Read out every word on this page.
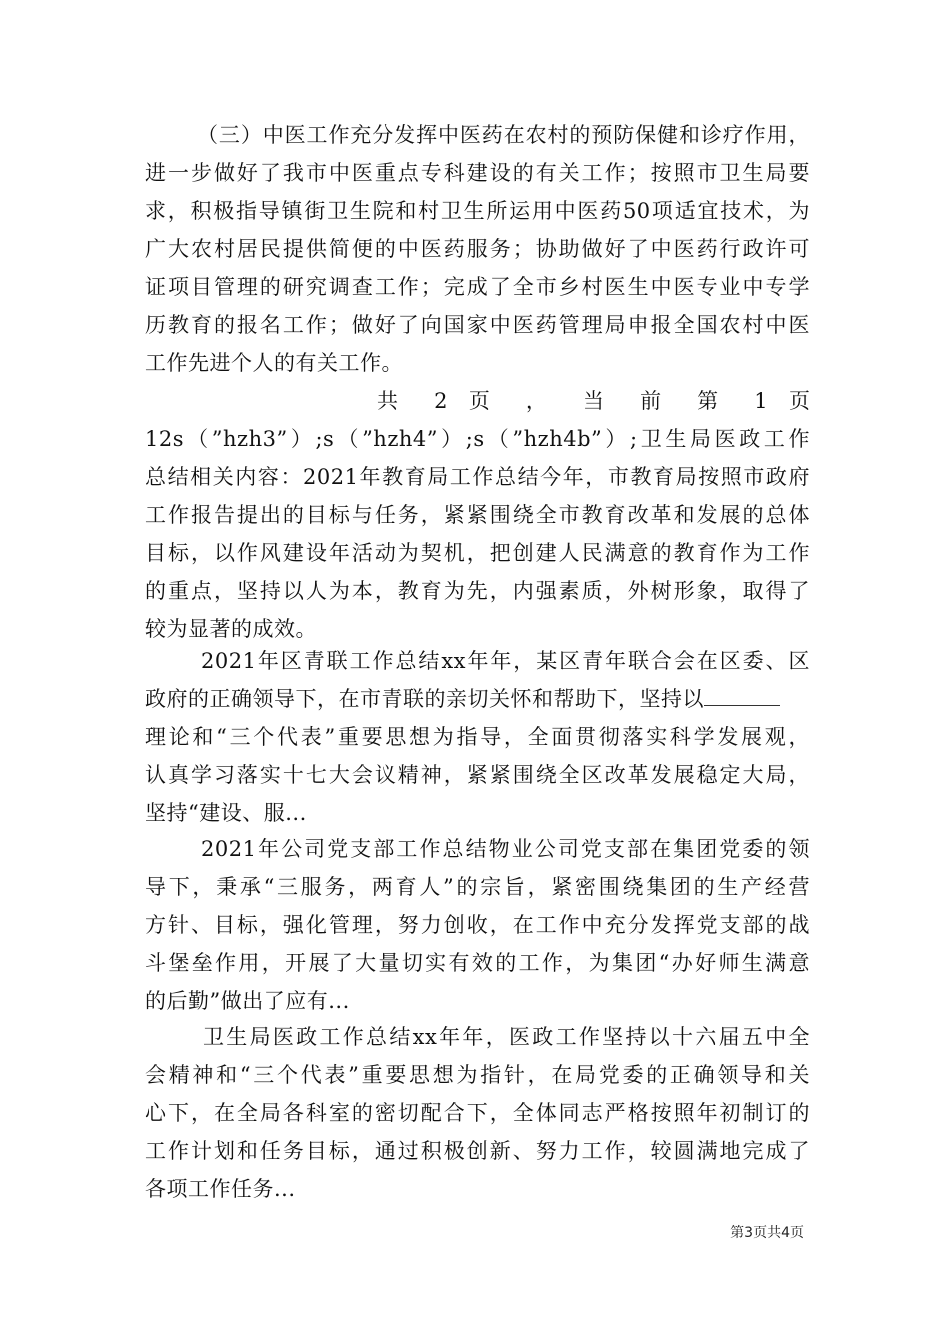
（三）中医工作充分发挥中医药在农村的预防保健和诊疗作用，
进一步做好了我市中医重点专科建设的有关工作；按照市卫生局要
求，积极指导镇街卫生院和村卫生所运用中医药50项适宜技术，为
广大农村居民提供简便的中医药服务；协助做好了中医药行政许可
证项目管理的研究调查工作；完成了全市乡村医生中医专业中专学
历教育的报名工作；做好了向国家中医药管理局申报全国农村中医
工作先进个人的有关工作。
共 2 页 ， 当 前 第 1 页
12s（”hzh3”）;s（”hzh4”）;s（”hzh4b”）;卫生局医政工作
总结相关内容：2021年教育局工作总结今年，市教育局按照市政府
工作报告提出的目标与任务，紧紧围绕全市教育改革和发展的总体
目标，以作风建设年活动为契机，把创建人民满意的教育作为工作
的重点，坚持以人为本，教育为先，内强素质，外树形象，取得了
较为显著的成效。
2021年区青联工作总结xx年年，某区青年联合会在区委、区
政府的正确领导下，在市青联的亲切关怀和帮助下，坚持以
理论和“三个代表”重要思想为指导，全面贯彻落实科学发展观，
认真学习落实十七大会议精神，紧紧围绕全区改革发展稳定大局，
坚持“建设、服...
2021年公司党支部工作总结物业公司党支部在集团党委的领
导下，秉承“三服务，两育人”的宗旨，紧密围绕集团的生产经营
方针、目标，强化管理，努力创收，在工作中充分发挥党支部的战
斗堡垒作用，开展了大量切实有效的工作，为集团“办好师生满意
的后勤”做出了应有...
卫生局医政工作总结xx年年，医政工作坚持以十六届五中全
会精神和“三个代表”重要思想为指针，在局党委的正确领导和关
心下，在全局各科室的密切配合下，全体同志严格按照年初制订的
工作计划和任务目标，通过积极创新、努力工作，较圆满地完成了
各项工作任务...
第3页共4页
